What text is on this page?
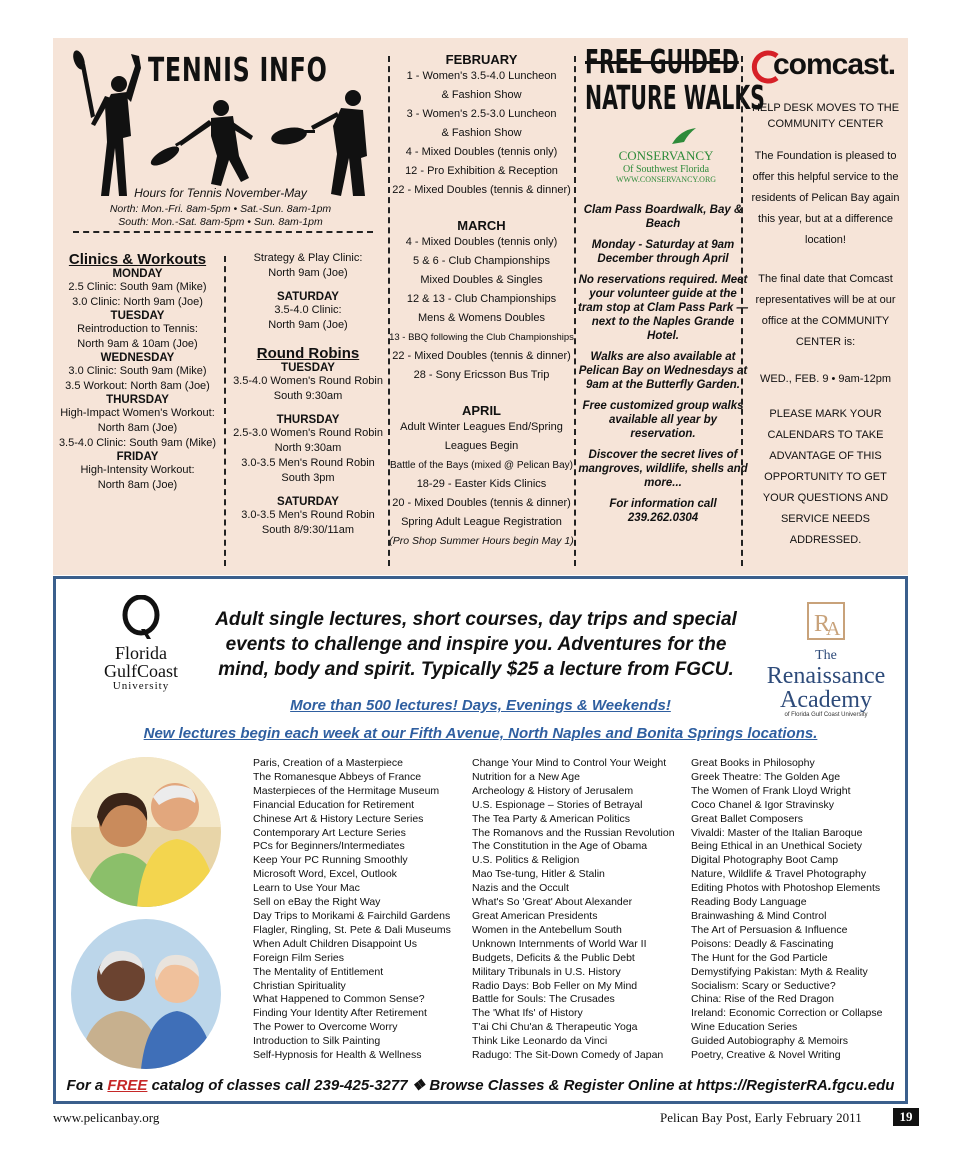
TENNIS INFO
Hours for Tennis November-May
North: Mon.-Fri. 8am-5pm • Sat.-Sun. 8am-1pm
South: Mon.-Sat. 8am-5pm • Sun. 8am-1pm
Clinics & Workouts
MONDAY
2.5 Clinic: South 9am (Mike)
3.0 Clinic: North 9am (Joe)
TUESDAY
Reintroduction to Tennis:
North 9am & 10am (Joe)
WEDNESDAY
3.0 Clinic: South 9am (Mike)
3.5 Workout: North 8am (Joe)
THURSDAY
High-Impact Women's Workout:
North 8am (Joe)
3.5-4.0 Clinic: South 9am (Mike)
FRIDAY
High-Intensity Workout:
North 8am (Joe)
Strategy & Play Clinic:
North 9am (Joe)
SATURDAY
3.5-4.0 Clinic:
North 9am (Joe)
Round Robins
TUESDAY
3.5-4.0 Women's Round Robin
South 9:30am
THURSDAY
2.5-3.0 Women's Round Robin
North 9:30am
3.0-3.5 Men's Round Robin
South 3pm
SATURDAY
3.0-3.5 Men's Round Robin
South 8/9:30/11am
FEBRUARY
1 - Women's 3.5-4.0 Luncheon
& Fashion Show
3 - Women's 2.5-3.0 Luncheon
& Fashion Show
4 - Mixed Doubles (tennis only)
12 - Pro Exhibition & Reception
22 - Mixed Doubles (tennis & dinner)
MARCH
4 - Mixed Doubles (tennis only)
5 & 6 - Club Championships
Mixed Doubles & Singles
12 & 13 - Club Championships
Mens & Womens Doubles
13 - BBQ following the Club Championships
22 - Mixed Doubles (tennis & dinner)
28 - Sony Ericsson Bus Trip
APRIL
Adult Winter Leagues End/Spring
Leagues Begin
Battle of the Bays (mixed @ Pelican Bay)
18-29 - Easter Kids Clinics
20 - Mixed Doubles (tennis & dinner)
Spring Adult League Registration
(Pro Shop Summer Hours begin May 1)
FREE GUIDED
NATURE WALKS
CONSERVANCY
Of Southwest Florida
WWW.CONSERVANCY.ORG
Clam Pass Boardwalk, Bay & Beach
Monday - Saturday at 9am December through April
No reservations required. Meet your volunteer guide at the tram stop at Clam Pass Park — next to the Naples Grande Hotel.
Walks are also available at Pelican Bay on Wednesdays at 9am at the Butterfly Garden.
Free customized group walks available all year by reservation.
Discover the secret lives of mangroves, wildlife, shells and more...
For information call 239.262.0304
comcast.
HELP DESK MOVES TO THE COMMUNITY CENTER
The Foundation is pleased to offer this helpful service to the residents of Pelican Bay again this year, but at a difference location!
The final date that Comcast representatives will be at our office at the COMMUNITY CENTER is:
WED., FEB. 9 • 9am-12pm
PLEASE MARK YOUR CALENDARS TO TAKE ADVANTAGE OF THIS OPPORTUNITY TO GET YOUR QUESTIONS AND SERVICE NEEDS ADDRESSED.
Florida
GulfCoast
University
R
A
The
Renaissance
Academy
of Florida Gulf Coast University
Adult single lectures, short courses, day trips and special events to challenge and inspire you. Adventures for the mind, body and spirit. Typically $25 a lecture from FGCU.
More than 500 lectures! Days, Evenings & Weekends!
New lectures begin each week at our Fifth Avenue, North Naples and Bonita Springs locations.
Paris, Creation of a Masterpiece
The Romanesque Abbeys of France
Masterpieces of the Hermitage Museum
Financial Education for Retirement
Chinese Art & History Lecture Series
Contemporary Art Lecture Series
PCs for Beginners/Intermediates
Keep Your PC Running Smoothly
Microsoft Word, Excel, Outlook
Learn to Use Your Mac
Sell on eBay the Right Way
Day Trips to Morikami & Fairchild Gardens
Flagler, Ringling, St. Pete & Dali Museums
When Adult Children Disappoint Us
Foreign Film Series
The Mentality of Entitlement
Christian Spirituality
What Happened to Common Sense?
Finding Your Identity After Retirement
The Power to Overcome Worry
Introduction to Silk Painting
Self-Hypnosis for Health & Wellness
Change Your Mind to Control Your Weight
Nutrition for a New Age
Archeology & History of Jerusalem
U.S. Espionage – Stories of Betrayal
The Tea Party & American Politics
The Romanovs and the Russian Revolution
The Constitution in the Age of Obama
U.S. Politics & Religion
Mao Tse-tung, Hitler & Stalin
Nazis and the Occult
What's So 'Great' About Alexander
Great American Presidents
Women in the Antebellum South
Unknown Internments of World War II
Budgets, Deficits & the Public Debt
Military Tribunals in U.S. History
Radio Days: Bob Feller on My Mind
Battle for Souls: The Crusades
The 'What Ifs' of History
T'ai Chi Chu'an & Therapeutic Yoga
Think Like Leonardo da Vinci
Radugo: The Sit-Down Comedy of Japan
Great Books in Philosophy
Greek Theatre: The Golden Age
The Women of Frank Lloyd Wright
Coco Chanel & Igor Stravinsky
Great Ballet Composers
Vivaldi: Master of the Italian Baroque
Being Ethical in an Unethical Society
Digital Photography Boot Camp
Nature, Wildlife & Travel Photography
Editing Photos with Photoshop Elements
Reading Body Language
Brainwashing & Mind Control
The Art of Persuasion & Influence
Poisons: Deadly & Fascinating
The Hunt for the God Particle
Demystifying Pakistan: Myth & Reality
Socialism: Scary or Seductive?
China: Rise of the Red Dragon
Ireland: Economic Correction or Collapse
Wine Education Series
Guided Autobiography & Memoirs
Poetry, Creative & Novel Writing
For a FREE catalog of classes call 239-425-3277 ❖ Browse Classes & Register Online at https://RegisterRA.fgcu.edu
www.pelicanbay.org	Pelican Bay Post, Early February 2011	19
